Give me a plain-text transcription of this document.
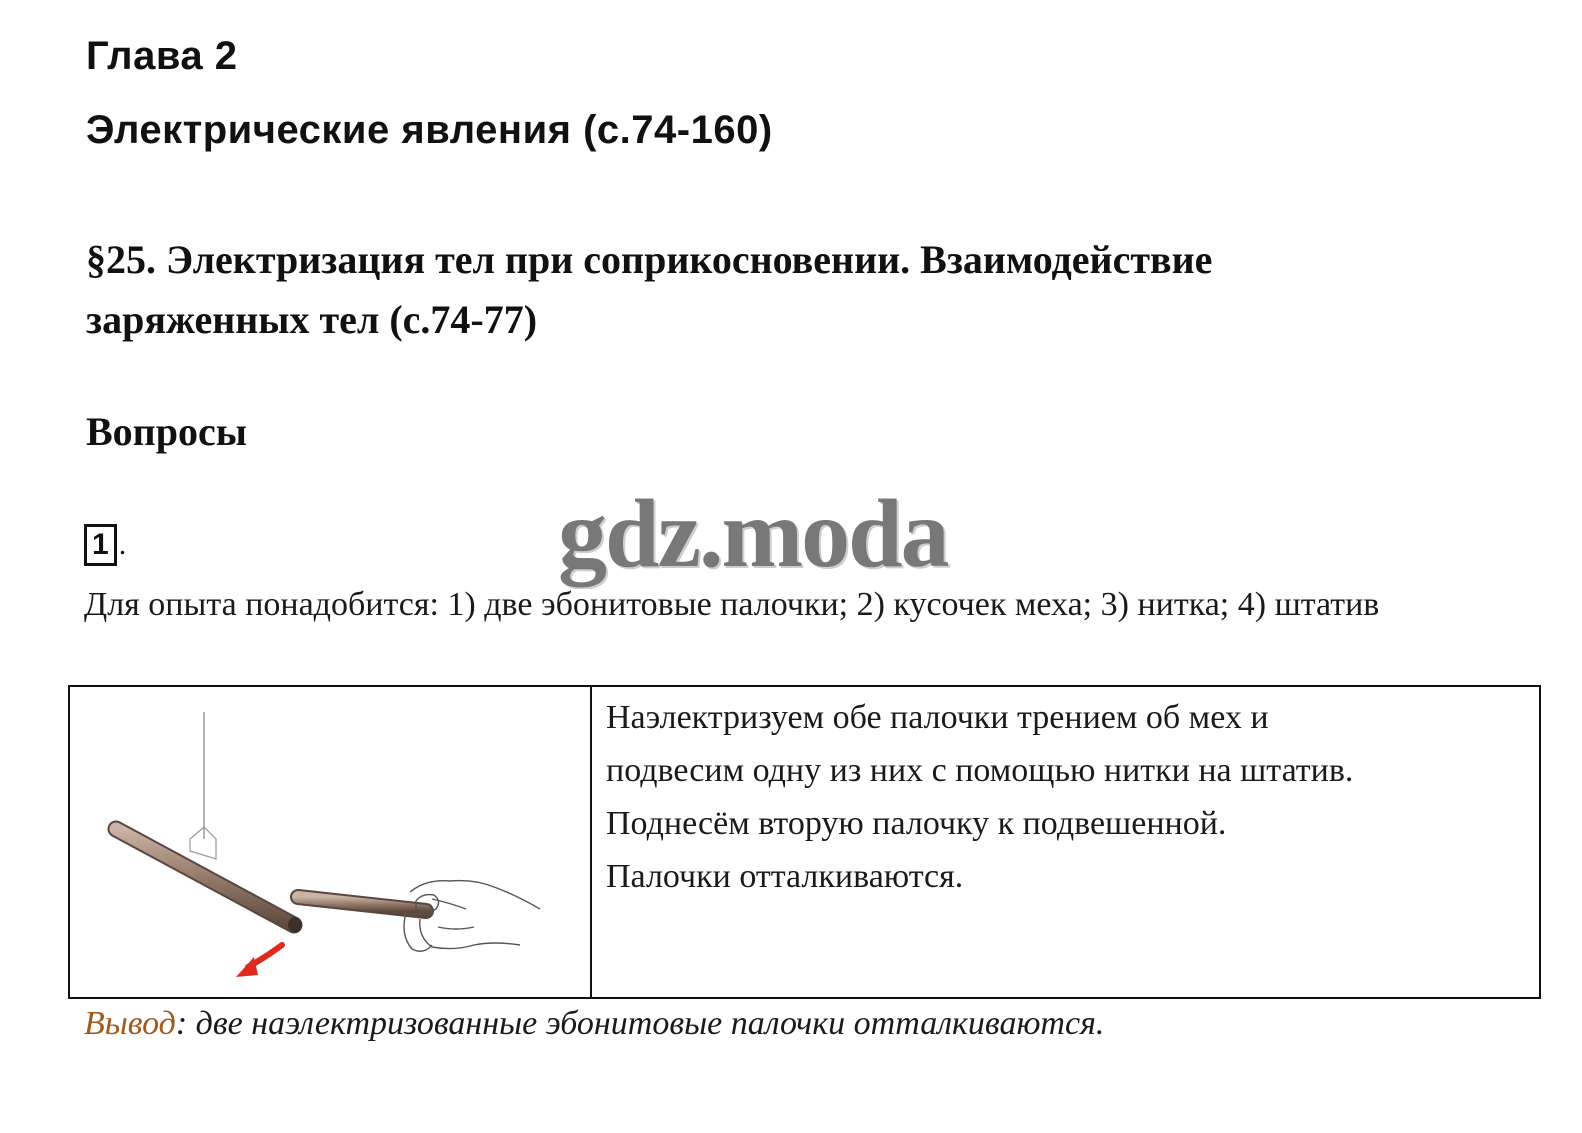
Глава 2
Электрические явления (с.74-160)
§25. Электризация тел при соприкосновении. Взаимодействие заряженных тел (с.74-77)
Вопросы
1 .
Для опыта понадобится: 1) две эбонитовые палочки; 2) кусочек меха; 3) нитка; 4) штатив

Наэлектризуем обе палочки трением об мех и

подвесим одну из них с помощью нитки на штатив.

Поднесём вторую палочку к подвешенной.

Палочки отталкиваются.

Вывод: две наэлектризованные эбонитовые палочки отталкиваются.
gdz.moda
